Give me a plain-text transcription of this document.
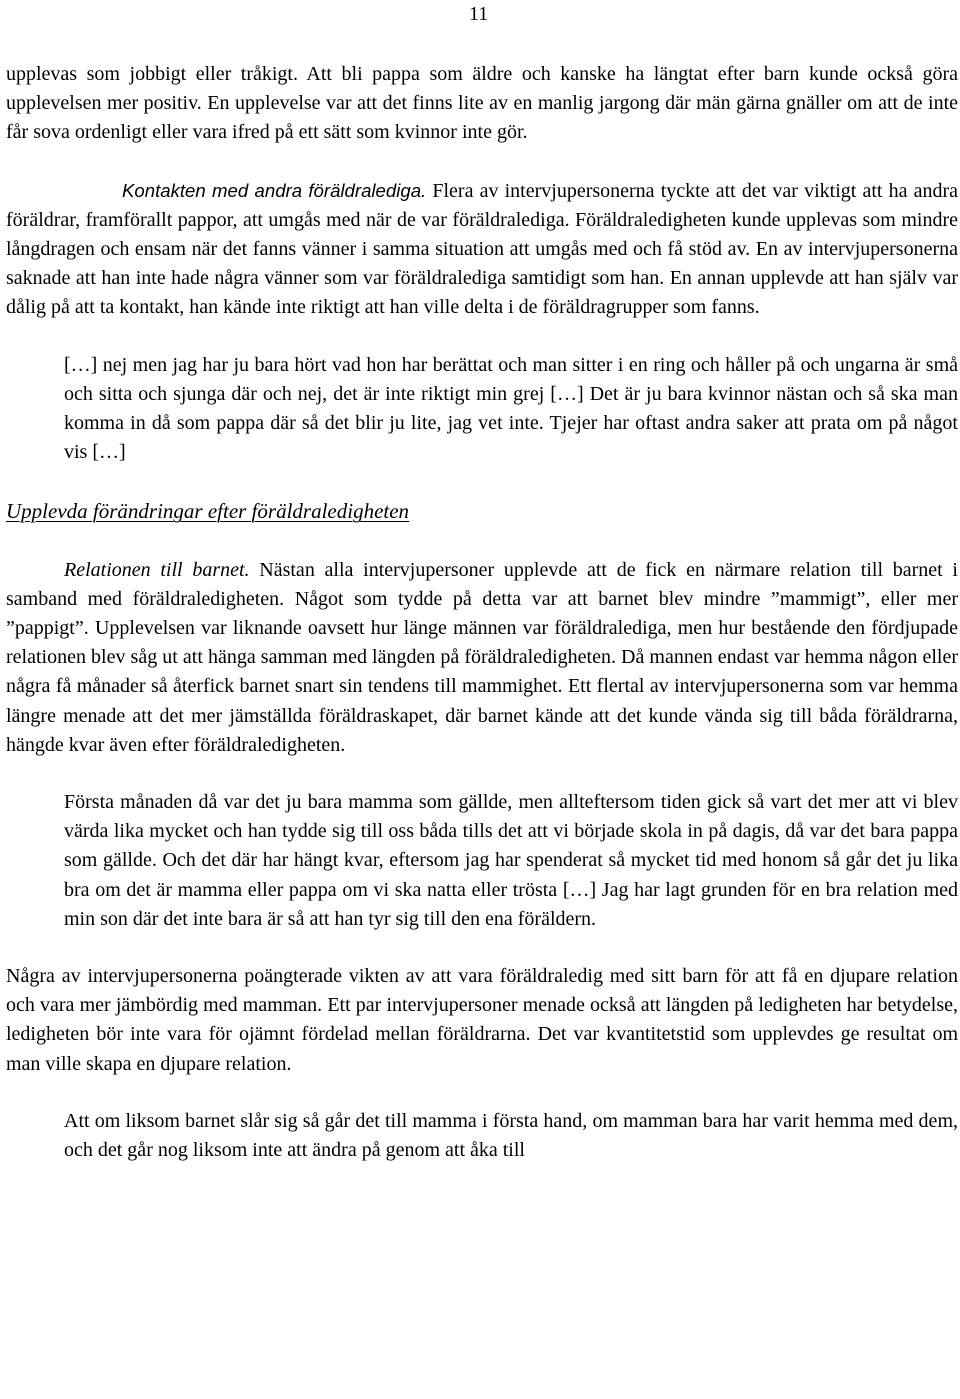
11

upplevas som jobbigt eller tråkigt. Att bli pappa som äldre och kanske ha längtat efter barn kunde också göra upplevelsen mer positiv. En upplevelse var att det finns lite av en manlig jargong där män gärna gnäller om att de inte får sova ordenligt eller vara ifred på ett sätt som kvinnor inte gör.

Kontakten med andra föräldralediga. Flera av intervjupersonerna tyckte att det var viktigt att ha andra föräldrar, framförallt pappor, att umgås med när de var föräldralediga. Föräldraledigheten kunde upplevas som mindre långdragen och ensam när det fanns vänner i samma situation att umgås med och få stöd av. En av intervjupersonerna saknade att han inte hade några vänner som var föräldralediga samtidigt som han. En annan upplevde att han själv var dålig på att ta kontakt, han kände inte riktigt att han ville delta i de föräldragrupper som fanns.

[…] nej men jag har ju bara hört vad hon har berättat och man sitter i en ring och håller på och ungarna är små och sitta och sjunga där och nej, det är inte riktigt min grej […] Det är ju bara kvinnor nästan och så ska man komma in då som pappa där så det blir ju lite, jag vet inte. Tjejer har oftast andra saker att prata om på något vis […]

Upplevda förändringar efter föräldraledigheten

Relationen till barnet. Nästan alla intervjupersoner upplevde att de fick en närmare relation till barnet i samband med föräldraledigheten. Något som tydde på detta var att barnet blev mindre ”mammigt”, eller mer ”pappigt”. Upplevelsen var liknande oavsett hur länge männen var föräldralediga, men hur bestående den fördjupade relationen blev såg ut att hänga samman med längden på föräldraledigheten. Då mannen endast var hemma någon eller några få månader så återfick barnet snart sin tendens till mammighet. Ett flertal av intervjupersonerna som var hemma längre menade att det mer jämställda föräldraskapet, där barnet kände att det kunde vända sig till båda föräldrarna, hängde kvar även efter föräldraledigheten.

Första månaden då var det ju bara mamma som gällde, men allteftersom tiden gick så vart det mer att vi blev värda lika mycket och han tydde sig till oss båda tills det att vi började skola in på dagis, då var det bara pappa som gällde. Och det där har hängt kvar, eftersom jag har spenderat så mycket tid med honom så går det ju lika bra om det är mamma eller pappa om vi ska natta eller trösta […] Jag har lagt grunden för en bra relation med min son där det inte bara är så att han tyr sig till den ena föräldern.

Några av intervjupersonerna poängterade vikten av att vara föräldraledig med sitt barn för att få en djupare relation och vara mer jämbördig med mamman. Ett par intervjupersoner menade också att längden på ledigheten har betydelse, ledigheten bör inte vara för ojämnt fördelad mellan föräldrarna. Det var kvantitetstid som upplevdes ge resultat om man ville skapa en djupare relation.

Att om liksom barnet slår sig så går det till mamma i första hand, om mamman bara har varit hemma med dem, och det går nog liksom inte att ändra på genom att åka till
